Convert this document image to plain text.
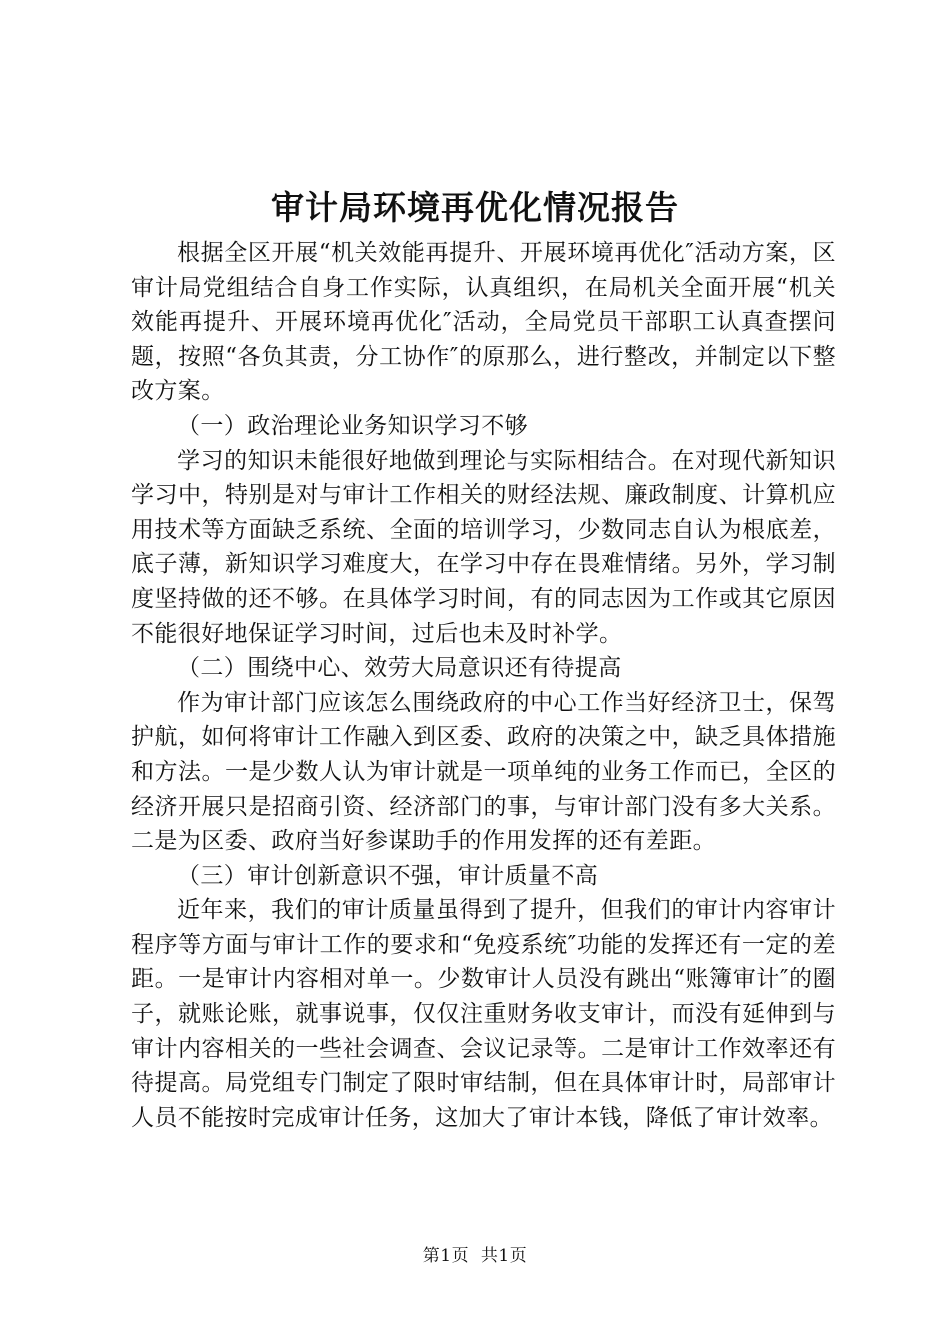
审计局环境再优化情况报告

根据全区开展“机关效能再提升、开展环境再优化″活动方案，区审计局党组结合自身工作实际，认真组织，在局机关全面开展“机关效能再提升、开展环境再优化″活动，全局党员干部职工认真查摆问题，按照“各负其责，分工协作″的原那么，进行整改，并制定以下整改方案。

（一）政治理论业务知识学习不够

学习的知识未能很好地做到理论与实际相结合。在对现代新知识学习中，特别是对与审计工作相关的财经法规、廉政制度、计算机应用技术等方面缺乏系统、全面的培训学习，少数同志自认为根底差，底子薄，新知识学习难度大，在学习中存在畏难情绪。另外，学习制度坚持做的还不够。在具体学习时间，有的同志因为工作或其它原因不能很好地保证学习时间，过后也未及时补学。

（二）围绕中心、效劳大局意识还有待提高

作为审计部门应该怎么围绕政府的中心工作当好经济卫士，保驾护航，如何将审计工作融入到区委、政府的决策之中，缺乏具体措施和方法。一是少数人认为审计就是一项单纯的业务工作而已，全区的经济开展只是招商引资、经济部门的事，与审计部门没有多大关系。二是为区委、政府当好参谋助手的作用发挥的还有差距。

（三）审计创新意识不强，审计质量不高

近年来，我们的审计质量虽得到了提升，但我们的审计内容审计程序等方面与审计工作的要求和“免疫系统″功能的发挥还有一定的差距。一是审计内容相对单一。少数审计人员没有跳出“账簿审计″的圈子，就账论账，就事说事，仅仅注重财务收支审计，而没有延伸到与审计内容相关的一些社会调查、会议记录等。二是审计工作效率还有待提高。局党组专门制定了限时审结制，但在具体审计时，局部审计人员不能按时完成审计任务，这加大了审计本钱，降低了审计效率。

第1页  共1页
